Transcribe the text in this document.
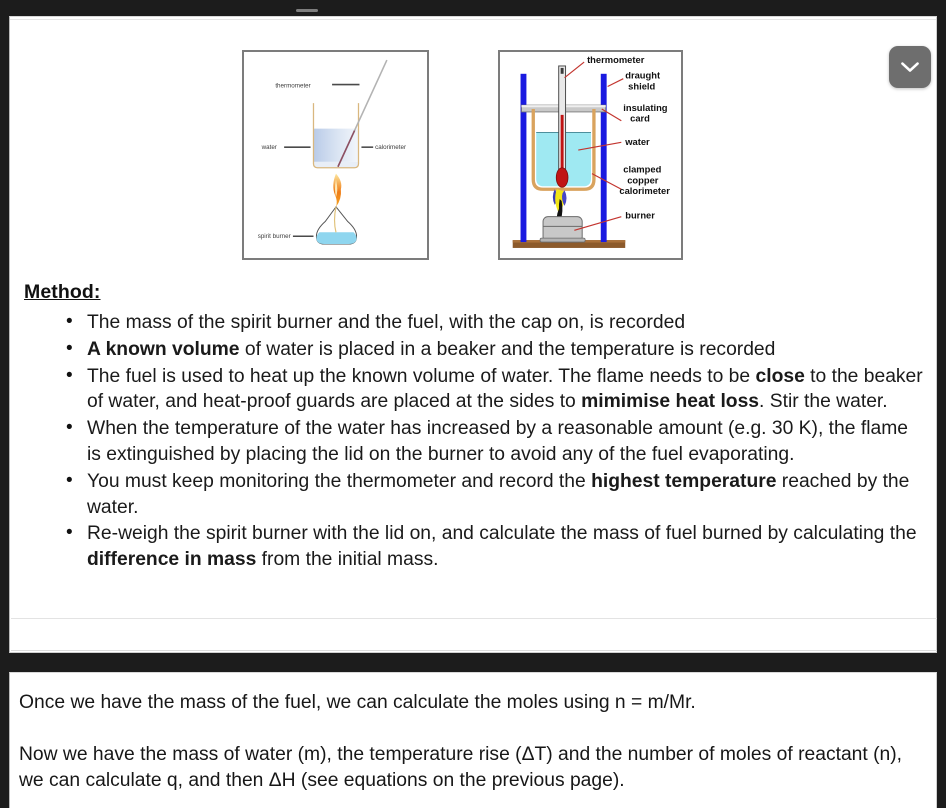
thermometer
water	calorimeter
spirit burner
thermometer
draught
shield
insulating
card
water
clamped
copper
calorimeter
burner
Method:
• The mass of the spirit burner and the fuel, with the cap on, is recorded
• A known volume of water is placed in a beaker and the temperature is recorded
• The fuel is used to heat up the known volume of water. The flame needs to be close to the beaker of water, and heat-proof guards are placed at the sides to mimimise heat loss. Stir the water.
• When the temperature of the water has increased by a reasonable amount (e.g. 30 K), the flame is extinguished by placing the lid on the burner to avoid any of the fuel evaporating.
• You must keep monitoring the thermometer and record the highest temperature reached by the water.
• Re-weigh the spirit burner with the lid on, and calculate the mass of fuel burned by calculating the difference in mass from the initial mass.

Once we have the mass of the fuel, we can calculate the moles using n = m/Mr.

Now we have the mass of water (m), the temperature rise (ΔT) and the number of moles of reactant (n), we can calculate q, and then ΔH (see equations on the previous page).
